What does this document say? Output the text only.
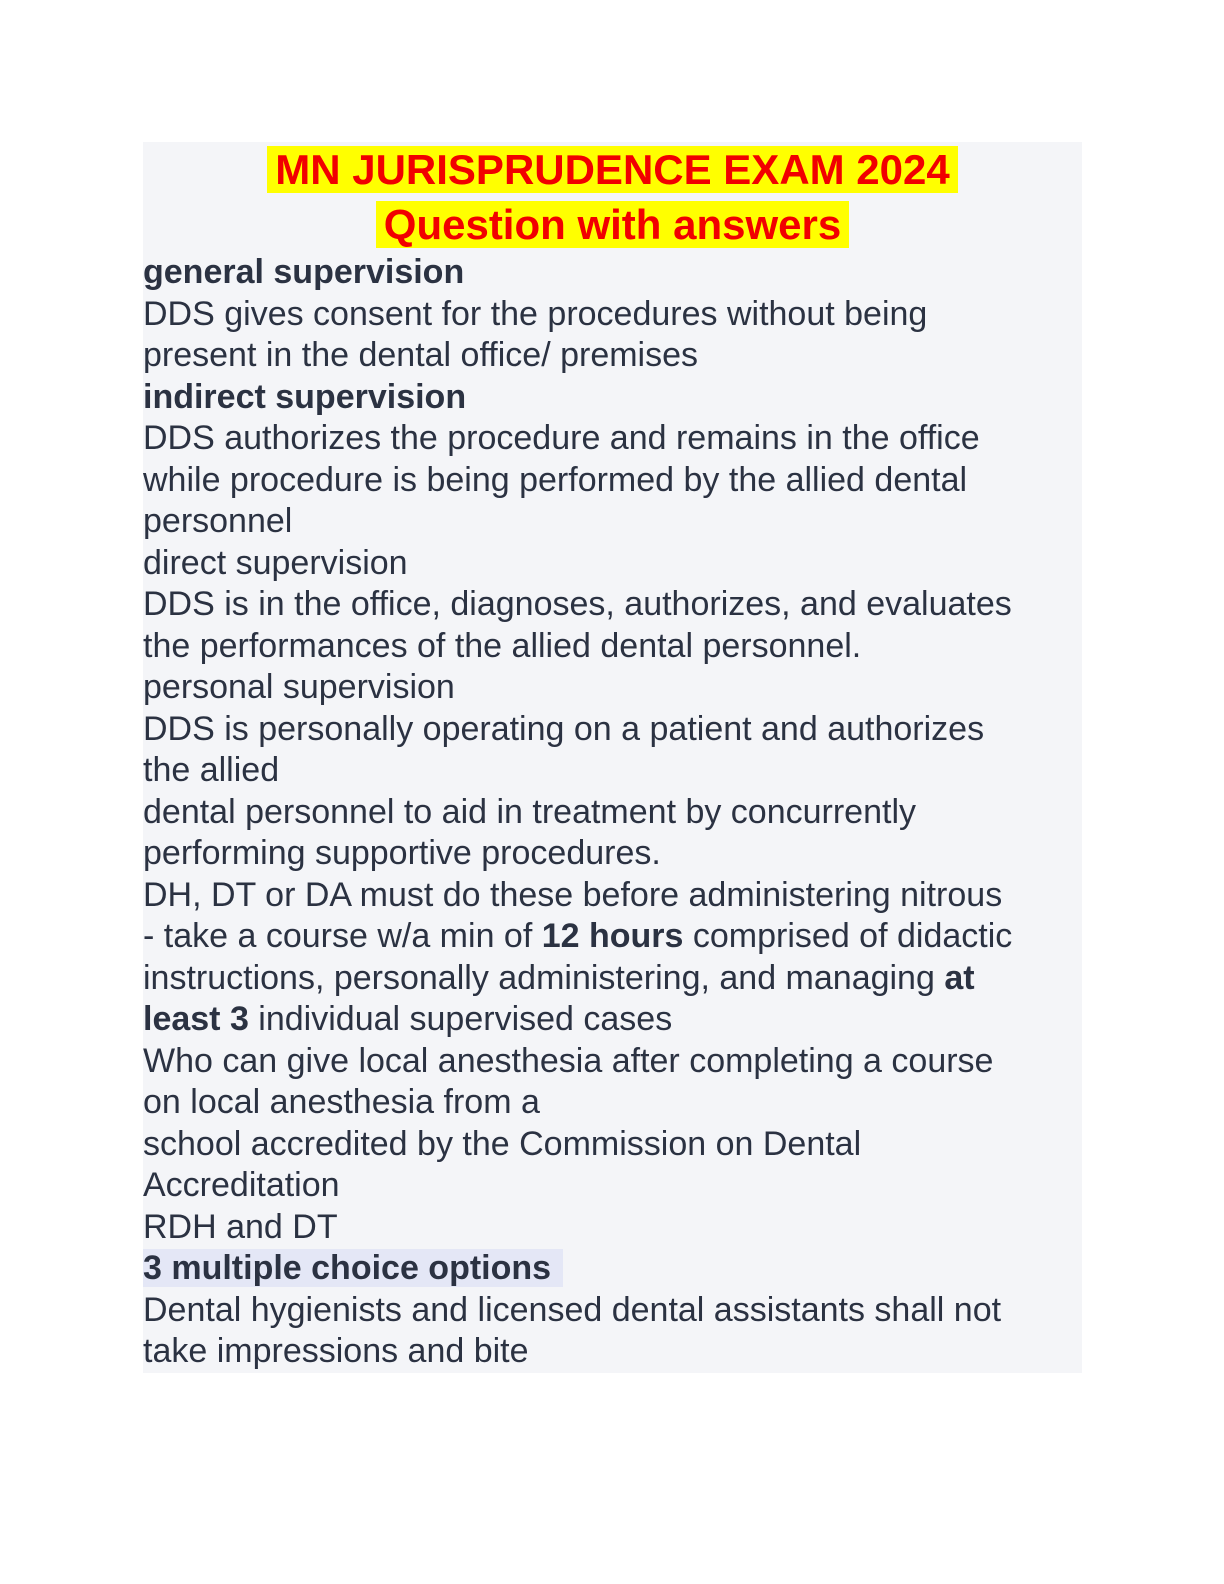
MN JURISPRUDENCE EXAM 2024
Question with answers
general supervision
DDS gives consent for the procedures without being
present in the dental office/ premises
indirect supervision
DDS authorizes the procedure and remains in the office
while procedure is being performed by the allied dental
personnel
direct supervision
DDS is in the office, diagnoses, authorizes, and evaluates
the performances of the allied dental personnel.
personal supervision
DDS is personally operating on a patient and authorizes
the allied
dental personnel to aid in treatment by concurrently
performing supportive procedures.
DH, DT or DA must do these before administering nitrous
- take a course w/a min of 12 hours comprised of didactic
instructions, personally administering, and managing at
least 3 individual supervised cases
Who can give local anesthesia after completing a course
on local anesthesia from a
school accredited by the Commission on Dental
Accreditation
RDH and DT
3 multiple choice options
Dental hygienists and licensed dental assistants shall not
take impressions and bite
